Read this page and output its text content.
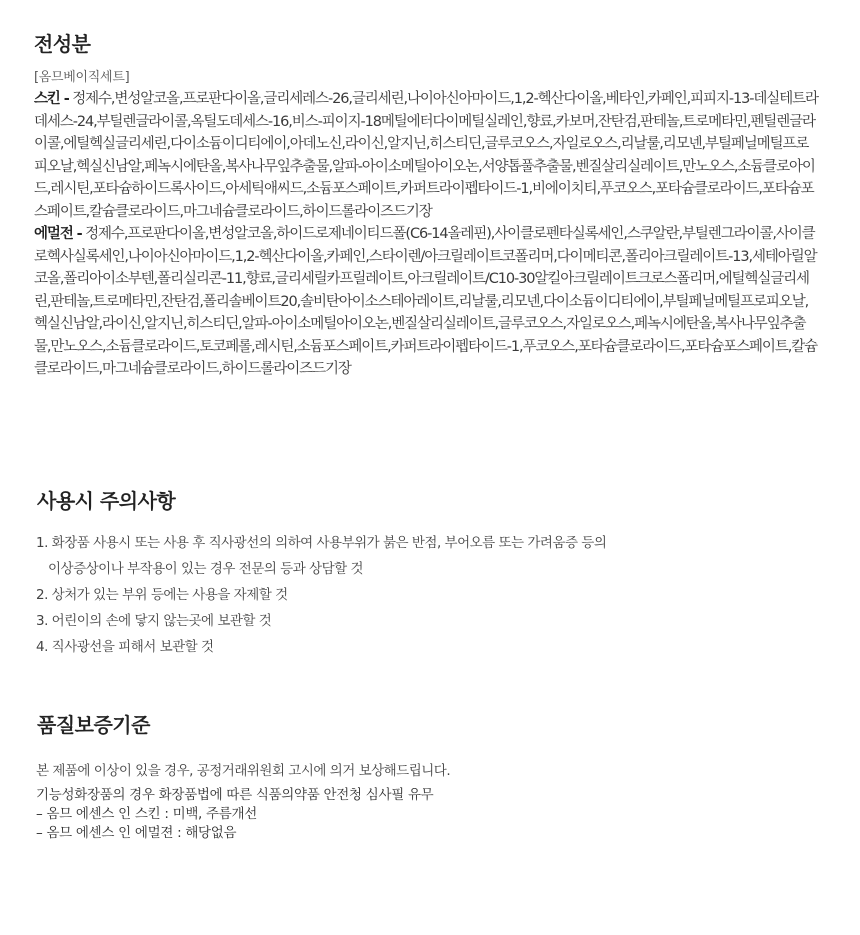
전성분
[옴므베이직세트]

스킨 - 정제수,변성알코올,프로판다이올,글리세레스-26,글리세린,나이아신아마이드,1,2-헥산다이올,베타인,카페인,피피지-13-데실테트라데세스-24,부틸렌글라이콜,옥틸도데세스-16,비스-피이지-18메틸에터다이메틸실레인,향료,카보머,잔탄검,판테놀,트로메타민,펜틸렌글라이콜,에틸헥실글리세린,다이소듐이디티에이,아데노신,라이신,알지닌,히스티딘,글루코오스,자일로오스,리날룰,리모넨,부틸페닐메틸프로피오날,헥실신남알,페녹시에탄올,복사나무잎추출물,알파-아이소메틸아이오논,서양톱풀추출물,벤질살리실레이트,만노오스,소듐클로아이드,레시틴,포타슘하이드록사이드,아세틱애씨드,소듐포스페이트,카퍼트라이펩타이드-1,비에이치티,푸코오스,포타슘클로라이드,포타슘포스페이트,칼슘클로라이드,마그네슘클로라이드,하이드롤라이즈드기장

에멀전 - 정제수,프로판다이올,변성알코올,하이드로제네이티드폴(C6-14올레핀),사이클로펜타실록세인,스쿠알란,부틸렌그라이콜,사이클로헥사실록세인,나이아신아마이드,1,2-헥산다이올,카페인,스타이렌/아크릴레이트코폴리머,다이메티콘,폴리아크릴레이트-13,세테아릴알코올,폴리아이소부텐,폴리실리콘-11,향료,글리세릴카프릴레이트,아크릴레이트/C10-30알킬아크릴레이트크로스폴리머,에틸헥실글리세린,판테놀,트로메타민,잔탄검,폴리솔베이트20,솔비탄아이소스테아레이트,리날룰,리모넨,다이소듐이디티에이,부틸페닐메틸프로피오날,헥실신남알,라이신,알지닌,히스티딘,알파-아이소메틸아이오논,벤질살리실레이트,글루코오스,자일로오스,페녹시에탄올,복사나무잎추출물,만노오스,소듐클로라이드,토코페롤,레시틴,소듐포스페이트,카퍼트라이펩타이드-1,푸코오스,포타슘클로라이드,포타슘포스페이트,칼슘클로라이드,마그네슘클로라이드,하이드롤라이즈드기장

사용시 주의사항
1. 화장품 사용시 또는 사용 후 직사광선의 의하여 사용부위가 붉은 반점, 부어오름 또는 가려움증 등의
이상증상이나 부작용이 있는 경우 전문의 등과 상담할 것
2. 상처가 있는 부위 등에는 사용을 자제할 것
3. 어린이의 손에 닿지 않는곳에 보관할 것
4. 직사광선을 피해서 보관할 것
품질보증기준
본 제품에 이상이 있을 경우, 공정거래위원회 고시에 의거 보상해드립니다.
기능성화장품의 경우 화장품법에 따른 식품의약품 안전청 심사필 유무
– 옴므 에센스 인 스킨 : 미백, 주름개선
– 옴므 에센스 인 에멀젼 : 해당없음
